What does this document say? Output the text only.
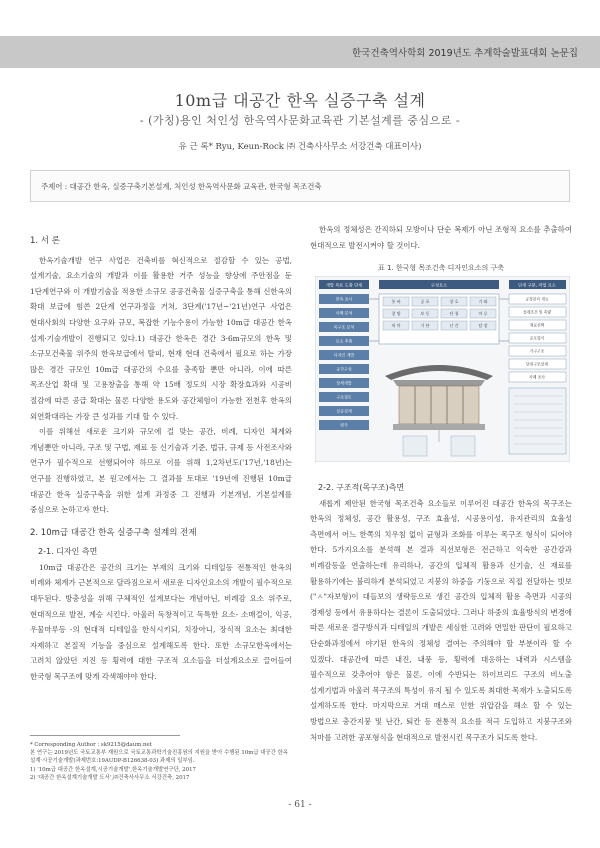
한국건축역사학회 2019년도 추계학술발표대회 논문집
10m급 대공간 한옥 실증구축 설계
- (가칭)용인 처인성 한옥역사문화교육관 기본설계를 중심으로 -
유 근 록* Ryu, Keun-Rock ㈜ 건축사사무소 서강건축 대표이사)
주제어 : 대공간 한옥, 실증구축기본설계, 처인성 한옥역사문화 교육관, 한국형 목조건축
1. 서 론

한옥기술개발 연구 사업은 건축비를 혁신적으로 절감할 수 있는 공법, 설계기술, 요소기술의 개발과 이를 활용한 거주 성능을 향상에 주안점을 둔 1단계연구와 이 개발기술을 적용한 소규모 공공건축물 실증구축을 통해 신한옥의 확대 보급에 힘쓴 2단계 연구과정을 거쳐, 3단계('17년~'21년)연구 사업은 현대사회의 다양한 요구와 규모, 복잡한 기능수용이 가능한 10m급 대공간 한옥 설계·기술개발이 진행되고 있다.1) 대공간 한옥은 경간 3-6m규모의 한옥 및 소규모건축물 위주의 한옥보급에서 탈피, 현재 현대 건축에서 필요로 하는 가장 많은 경간 규모인 10m급 대공간의 수요를 충족할 뿐만 아니라, 이에 따른 목조산업 확대 및 고용창출을 통해 약 15배 정도의 시장 확장효과와 시공비 절감에 따른 공급 확대는 물론 다양한 용도와 공간체험이 가능한 전천후 한옥의 외연확대라는 가장 큰 성과를 기대 할 수 있다.

이를 위해선 새로운 크기와 규모에 걸 맞는 공간, 비례, 디자인 체계와 개념뿐만 아니라, 구조 및 구법, 재료 등 신기술과 기준, 법규, 규제 등 사전조사와 연구가 필수적으로 선행되어야 하므로 이를 위해 1,2차년도('17년,'18년)는 연구를 진행하였고, 본 원고에서는 그 결과를 토대로 '19년에 진행된 10m급 대공간 한옥 실증구축을 위한 설계 과정중 그 진행과 기본개념, 기본설계를 중심으로 논하고자 한다.

2. 10m급 대공간 한옥 실증구축 설계의 전제
2-1. 디자인 측면

10m급 대공간은 공간의 크기는 부재의 크기와 디테일등 전통적인 한옥의 비례와 체계가 근본적으로 달라짐으로서 새로운 디자인요소의 개발이 필수적으로 대두된다. 방충성을 위해 구체적인 설계보다는 개념아닌, 비례감 요소 위주로, 현대적으로 발전, 계승 시킨다. 아울러 독창적이고 독특한 요소- 소매걸이, 익공, 우물마루등 -의 현대적 디테일을 한식시키되, 치장아니, 장식적 요소는 최대한 자제하고 본질적 기능을 중심으로 설계해도록 한다. 또한 소규모한옥에서는 고려치 않았던 지진 등 횡력에 대한 구조적 요소들을 더설계요소로 끌어들여 한국형 목구조에 맞게 각색해야야 한다.

한옥의 정체성은 간직하되 모방이나 단순 복제가 아닌 조형적 요소를 추출하여 현대적으로 발전시켜야 할 것이다.

표 1. 한국형 목조건축 디자인요소의 구축
개발 목표 도출 단계	구성요소	단계 구분, 작업 요소
한옥 조사
사례 분석
목구조 분석
요소 추출
디자인 개발
공간구성
상세개발
구조검토
실증설계
평가
통 바	공 포	창 호	기 와
창 방	보 동	단 청	마 루
처 마	기 단	난 간	담 장
공정관리 개요
설계조건 및 측량
재료선택
공포형식
가구구조
단위구조설계
사례 조사
2-2. 구조적(목구조)측면

새롭게 제안된 한국형 목조건축 요소들로 이루어진 대공간 한옥의 목구조는 한옥의 정체성, 공간 활용성, 구조 효율성, 시공용이성, 유지관리의 효율성 측면에서 어느 한쪽의 치우침 없이 균형과 조화를 이루는 목구조 형식이 되어야 한다. 5가지요소를 분석해 본 결과 직선보형은 전근하고 익숙한 공간감과 비례감등을 연출하는데 유리하나, 공간의 입체적 활용과 신기술, 신 재료를 활용하기에는 불리하게 분석되었고 지붕의 하중을 기둥으로 직접 전달하는 빗보("ㅅ"자보형)이 대들보의 생략등으로 생긴 공간의 입체적 활용 측면과 시공의 경제성 등에서 유용하다는 결론이 도출되었다. 그러나 하중의 효율방식의 변경에 따른 새로운 결구방식과 디테일의 개발은 세심한 고려와 면밀한 판단이 필요하고 단순화과정에서 야기된 한옥의 정체성 결여는 주의해야 할 부분이라 할 수 있겠다. 대공간에 따른 내진, 내풍 등, 횡력에 대응하는 내력과 시스템을 필수적으로 갖추어야 함은 물론, 이에 수반되는 하이브리드 구조의 비노출 설계기법과 아울러 목구조의 특성이 유지 될 수 있도록 최대한 목재가 노출되도록 설계하도록 한다. 마지막으로 거대 매스로 인한 위압감을 해소 할 수 있는 방법으로 충간지붕 및 난간, 퇴칸 등 전통적 요소를 적극 도입하고 지붕구조와 처마를 고려한 공포형식을 현대적으로 발전시킨 목구조가 되도록 한다.

* Corresponding Author : sk9215@daum.net
본 연구는 2019년도 국토교통부 재원으로 국토교통과학기술진흥원의 지원을 받아 수행된 10m급 대공간 한옥 설계·시공기술개발(과제번호:19AUDP-B126638-03) 과제의 일부임.
1) '10m급 대공간 한옥설계,시공기술개발',한옥기술개발연구단, 2017
2) '대공간 한옥설계기술개발 도서',㈜건축사사무소 서강건축, 2017
- 61 -
